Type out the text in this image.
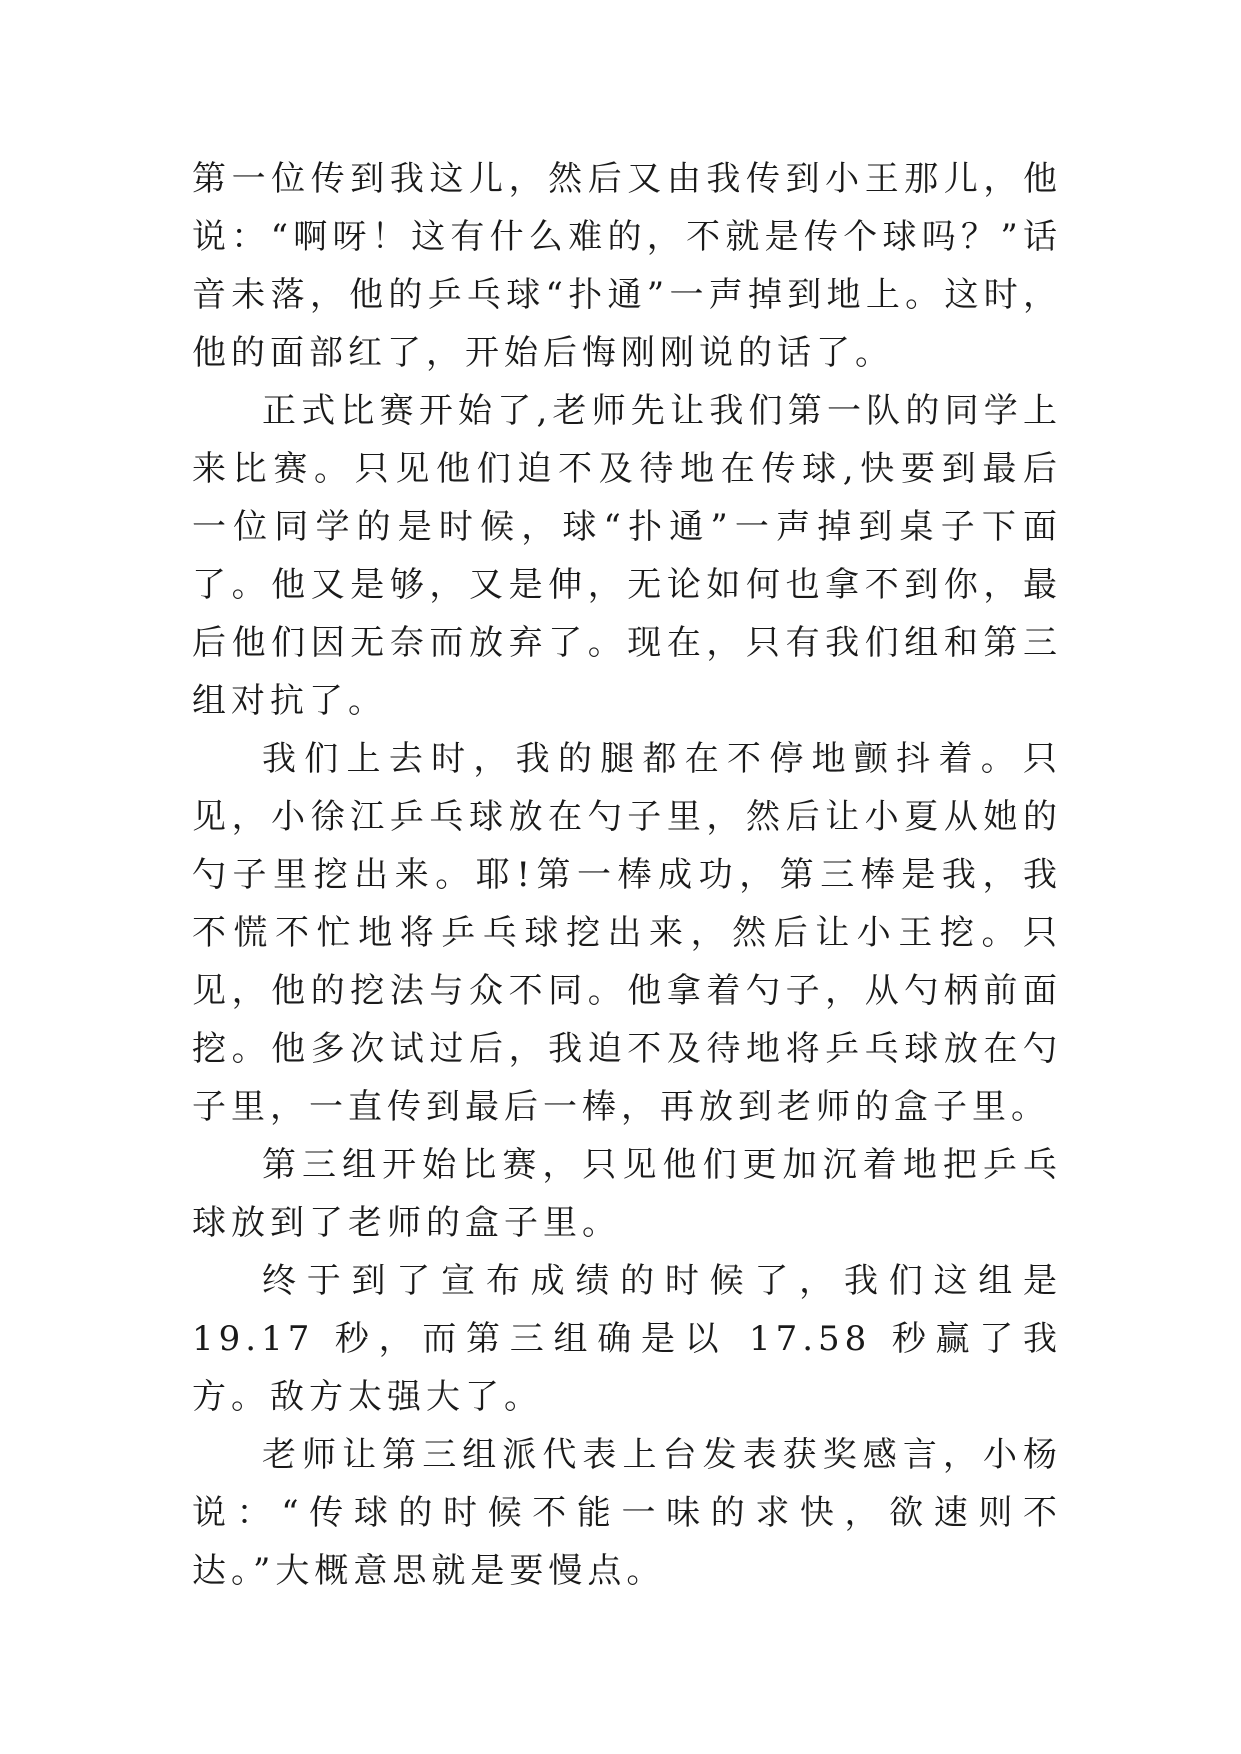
第一位传到我这儿，然后又由我传到小王那儿，他说：“啊呀！这有什么难的，不就是传个球吗？”话音未落，他的乒乓球“扑通”一声掉到地上。这时，他的面部红了，开始后悔刚刚说的话了。

正式比赛开始了,老师先让我们第一队的同学上来比赛。只见他们迫不及待地在传球,快要到最后一位同学的是时候，球“扑通”一声掉到桌子下面了。他又是够，又是伸，无论如何也拿不到你，最后他们因无奈而放弃了。现在，只有我们组和第三组对抗了。

我们上去时，我的腿都在不停地颤抖着。只见，小徐江乒乓球放在勺子里，然后让小夏从她的勺子里挖出来。耶!第一棒成功，第三棒是我，我不慌不忙地将乒乓球挖出来，然后让小王挖。只见，他的挖法与众不同。他拿着勺子，从勺柄前面挖。他多次试过后，我迫不及待地将乒乓球放在勺子里，一直传到最后一棒，再放到老师的盒子里。

第三组开始比赛，只见他们更加沉着地把乒乓球放到了老师的盒子里。

终于到了宣布成绩的时候了，我们这组是 19.17 秒，而第三组确是以 17.58 秒赢了我方。敌方太强大了。

老师让第三组派代表上台发表获奖感言，小杨说：“传球的时候不能一味的求快，欲速则不达。”大概意思就是要慢点。
